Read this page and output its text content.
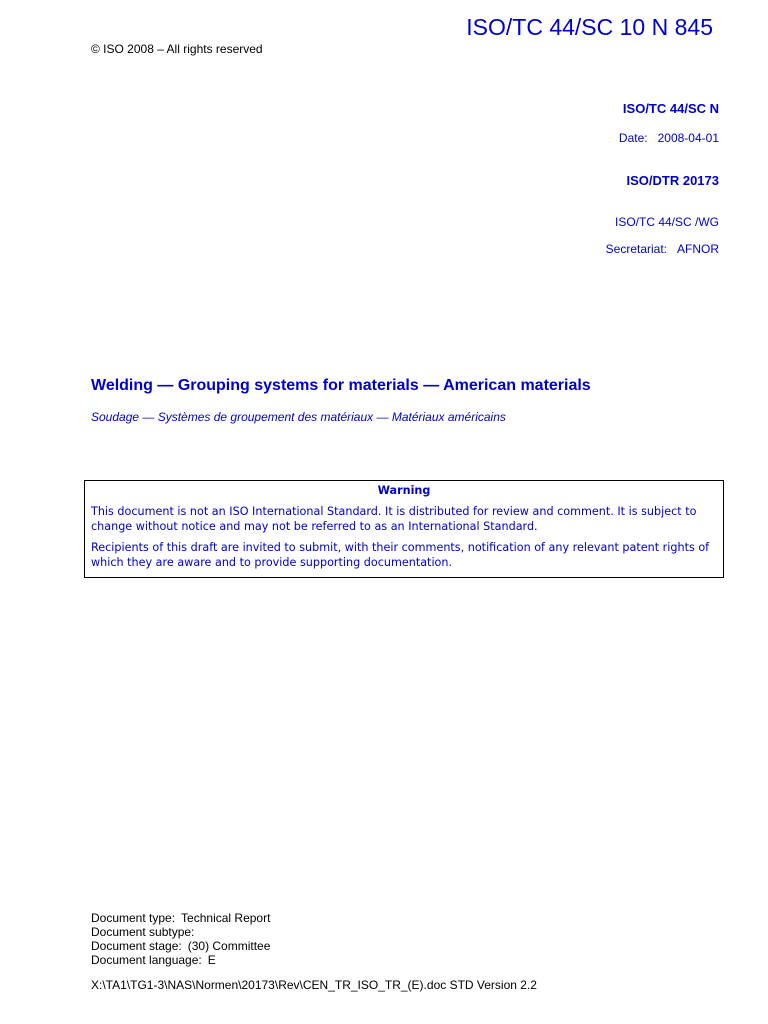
ISO/TC 44/SC 10 N 845
© ISO 2008 – All rights reserved
ISO/TC 44/SC N
Date: 2008-04-01
ISO/DTR 20173
ISO/TC 44/SC /WG
Secretariat: AFNOR
Welding — Grouping systems for materials — American materials
Soudage — Systèmes de groupement des matériaux — Matériaux américains

Warning

This document is not an ISO International Standard. It is distributed for review and comment. It is subject to change without notice and may not be referred to as an International Standard.

Recipients of this draft are invited to submit, with their comments, notification of any relevant patent rights of which they are aware and to provide supporting documentation.

Document type: Technical Report
Document subtype:
Document stage: (30) Committee
Document language: E
X:\TA1\TG1-3\NAS\Normen\20173\Rev\CEN_TR_ISO_TR_(E).doc STD Version 2.2
